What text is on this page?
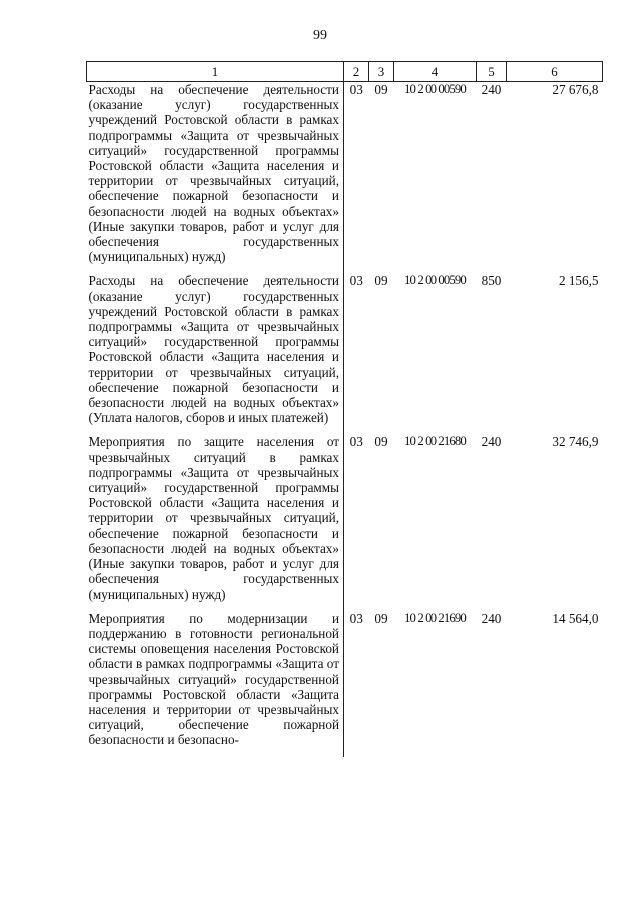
99
1	2	3	4	5	6
Расходы на обеспечение деятельности (оказание услуг) государственных учреждений Ростовской области в рамках подпрограммы «Защита от чрезвычайных ситуаций» государственной программы Ростовской области «Защита населения и территории от чрезвычайных ситуаций, обеспечение пожарной безопасности и безопасности людей на водных объектах» (Иные закупки товаров, работ и услуг для обеспечения государственных (муниципальных) нужд)	03	09	10 2 00 00590	240	27 676,8
Расходы на обеспечение деятельности (оказание услуг) государственных учреждений Ростовской области в рамках подпрограммы «Защита от чрезвычайных ситуаций» государственной программы Ростовской области «Защита населения и территории от чрезвычайных ситуаций, обеспечение пожарной безопасности и безопасности людей на водных объектах» (Уплата налогов, сборов и иных платежей)	03	09	10 2 00 00590	850	2 156,5
Мероприятия по защите населения от чрезвычайных ситуаций в рамках подпрограммы «Защита от чрезвычайных ситуаций» государственной программы Ростовской области «Защита населения и территории от чрезвычайных ситуаций, обеспечение пожарной безопасности и безопасности людей на водных объектах» (Иные закупки товаров, работ и услуг для обеспечения государственных (муниципальных) нужд)	03	09	10 2 00 21680	240	32 746,9
Мероприятия по модернизации и поддержанию в готовности региональной системы оповещения населения Ростовской области в рамках подпрограммы «Защита от чрезвычайных ситуаций» государственной программы Ростовской области «Защита населения и территории от чрезвычайных ситуаций, обеспечение пожарной безопасности и безопасно-	03	09	10 2 00 21690	240	14 564,0
